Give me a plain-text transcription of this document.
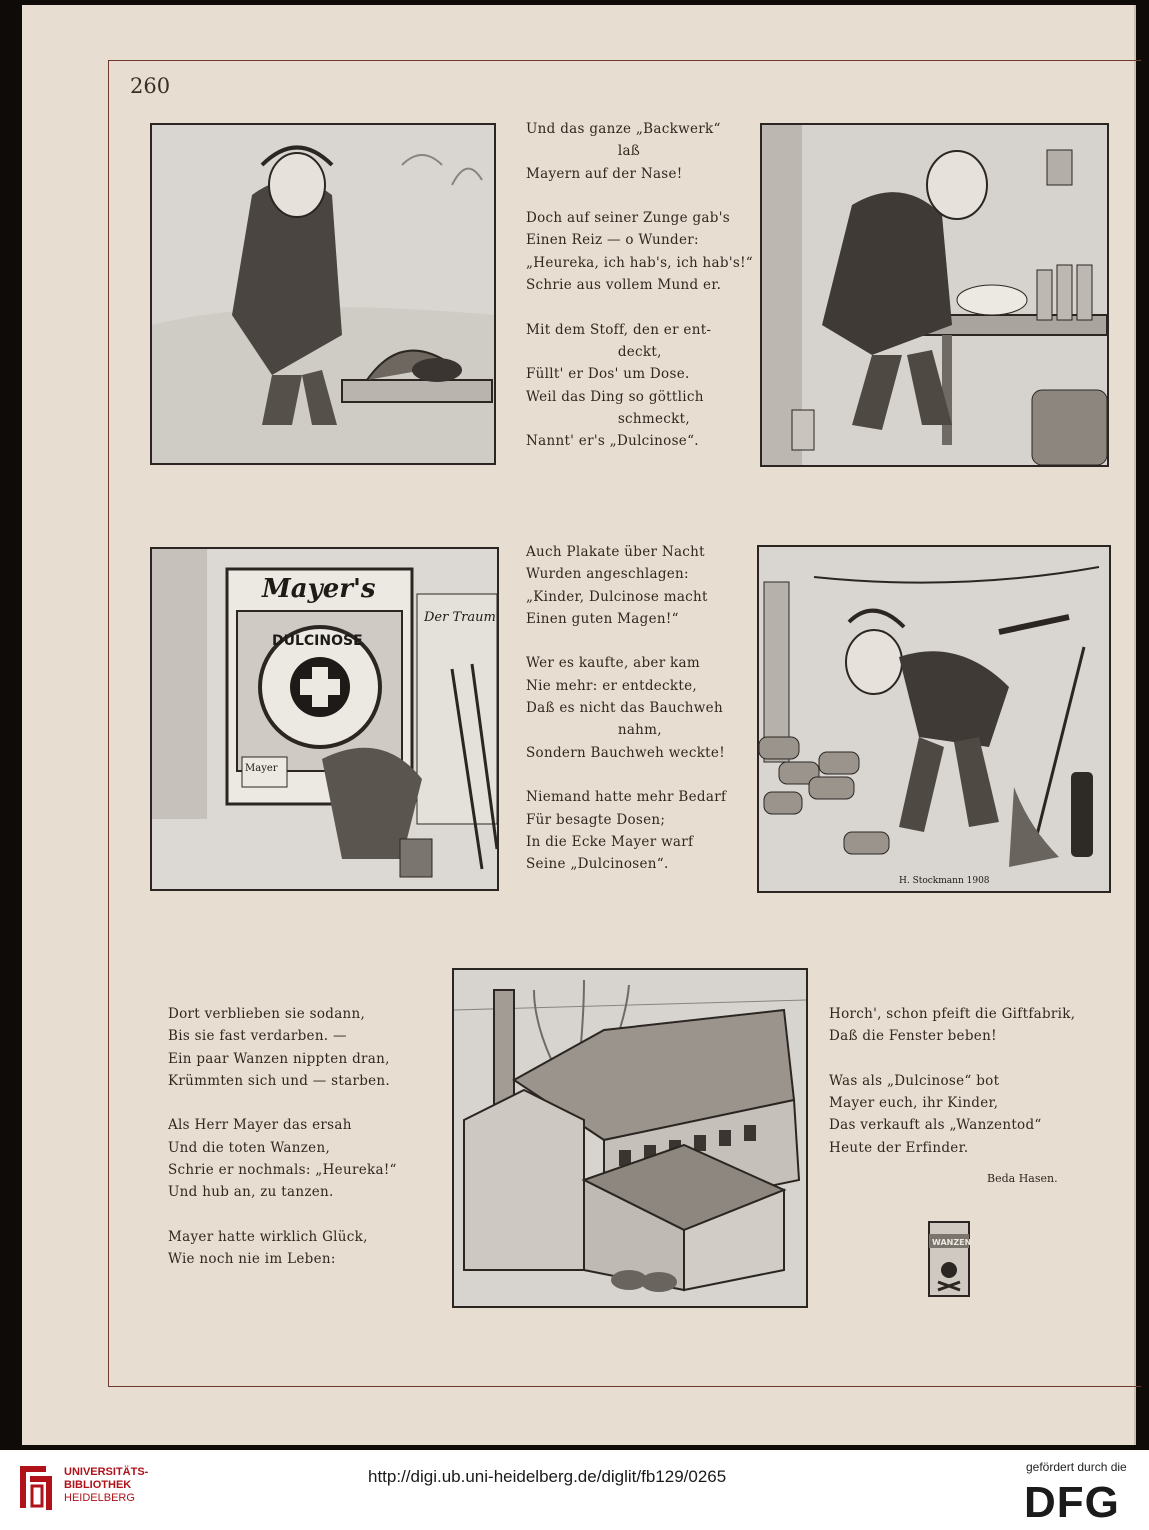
260
Mayer's
DULCINOSE
Mayer
Der Traum
H. Stockmann 1908
Und das ganze „Backwerk“
laß
Mayern auf der Nase!

Doch auf seiner Zunge gab's
Einen Reiz — o Wunder:
„Heureka, ich hab's, ich hab's!“
Schrie aus vollem Mund er.

Mit dem Stoff, den er ent-
deckt,
Füllt' er Dos' um Dose.
Weil das Ding so göttlich
schmeckt,
Nannt' er's „Dulcinose“.
Auch Plakate über Nacht
Wurden angeschlagen:
„Kinder, Dulcinose macht
Einen guten Magen!“

Wer es kaufte, aber kam
Nie mehr: er entdeckte,
Daß es nicht das Bauchweh
nahm,
Sondern Bauchweh weckte!

Niemand hatte mehr Bedarf
Für besagte Dosen;
In die Ecke Mayer warf
Seine „Dulcinosen“.
Dort verblieben sie sodann,
Bis sie fast verdarben. —
Ein paar Wanzen nippten dran,
Krümmten sich und — starben.

Als Herr Mayer das ersah
Und die toten Wanzen,
Schrie er nochmals: „Heureka!“
Und hub an, zu tanzen.

Mayer hatte wirklich Glück,
Wie noch nie im Leben:
Horch', schon pfeift die Giftfabrik,
Daß die Fenster beben!

Was als „Dulcinose“ bot
Mayer euch, ihr Kinder,
Das verkauft als „Wanzentod“
Heute der Erfinder.
Beda Hasen.
WANZEN
UNIVERSITÄTS-
BIBLIOTHEK
HEIDELBERG
http://digi.ub.uni-heidelberg.de/diglit/fb129/0265	gefördert durch die
DFG
